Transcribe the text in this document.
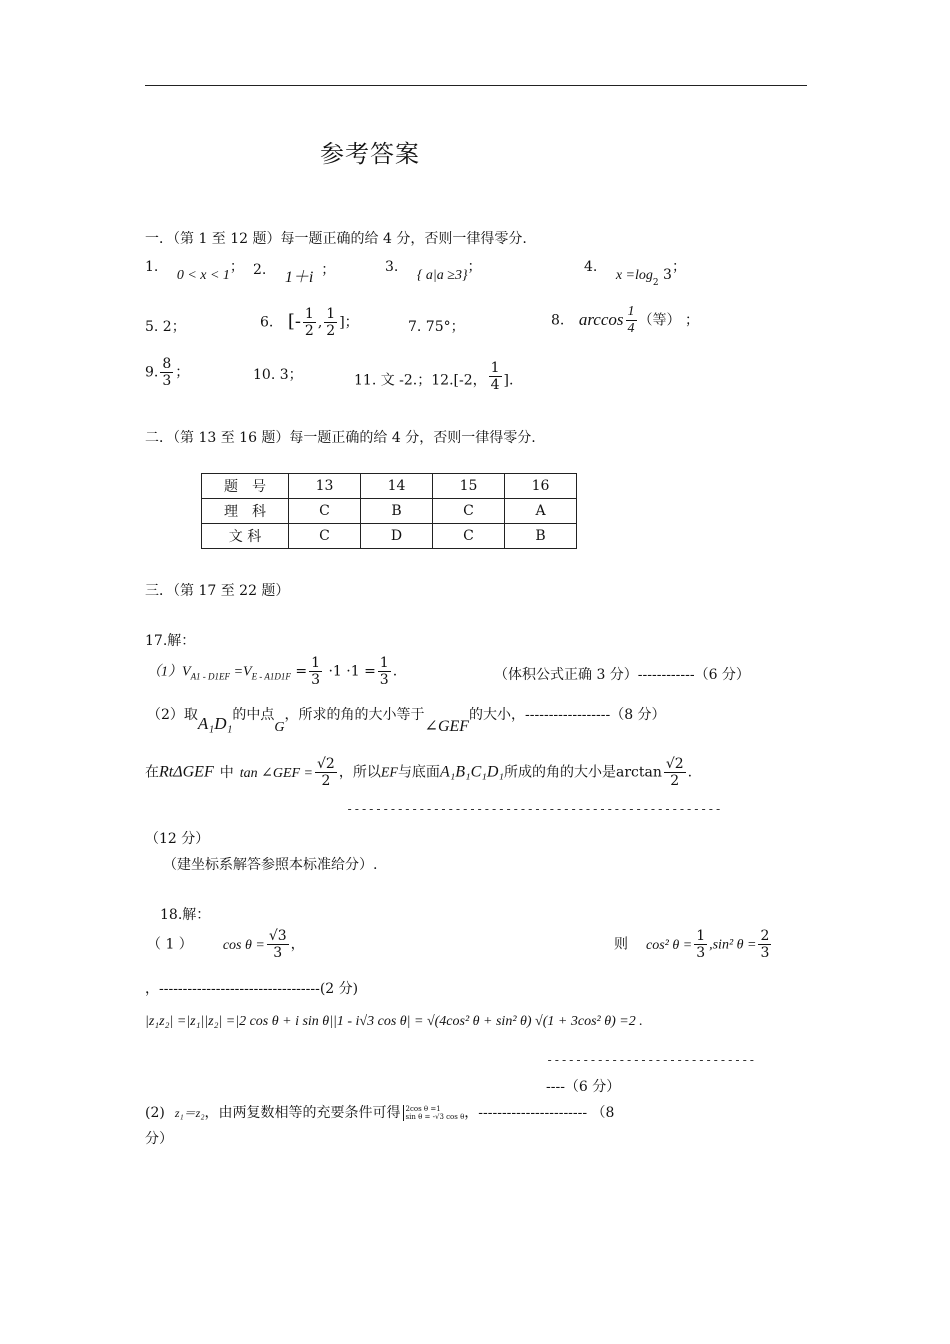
参考答案
一．（第 1 至 12 题）每一题正确的给 4 分，否则一律得零分.
1. 0 < x < 1； 2. 1＋i ；	3. { a|a ≥3}；	4. $x =\log_2$ 3；
5. 2；	6. [- $\frac{1}{2}$ , $\frac{1}{2}$ ]；	7. 75°；	8. $\arccos \frac{1}{4}$ （等） ；
9. $\frac{8}{3}$ ；	10. 3；	11. 文 -2.；12.[-2， $\frac{1}{4}$ ].
二．（第 13 至 16 题）每一题正确的给 4 分，否则一律得零分.
题　号	13	14	15	16
理　科	C	B	C	A
文 科	C	D	C	B
三．（第 17 至 22 题）
17.解：
$(1)V_{A1 - D1EF} =V_{E - A1D1F} = \frac{1}{3} \cdot 1 \cdot 1 = \frac{1}{3}$ .	（体积公式正确 3 分）------------（6 分）
（2）取A₁D₁的中点G，所求的角的大小等于∠GEF的大小，------------------（8 分）
在RtΔGEF 中 tan ∠GEF = $\frac{√2}{2}$ ，所以EF与底面A₁B₁C₁D₁所成的角的大小是$\arctan \frac{√2}{2}$ .
----------------------------------------------------
（12 分）
（建坐标系解答参照本标准给分）.
18.解：
（ 1 ） $\cos \theta = \frac{√3}{3}$ ，	则 cos² $\theta = \frac{1}{3} ,\sin^2$ $\theta = \frac{2}{3}$
，----------------------------------(2 分)
|z₁z₂| =|z₁||z₂| =|2 cos θ + i sin θ||1 - i√3 cos θ| = √(4cos² θ + sin² θ) √(1 + 3cos² θ) =2 .
-----------------------------
----（6 分）
(2) z₁＝z₂，由两复数相等的充要条件可得 2cos θ =1
sin θ = -√3 cos θ ，----------------------- （8
分）
